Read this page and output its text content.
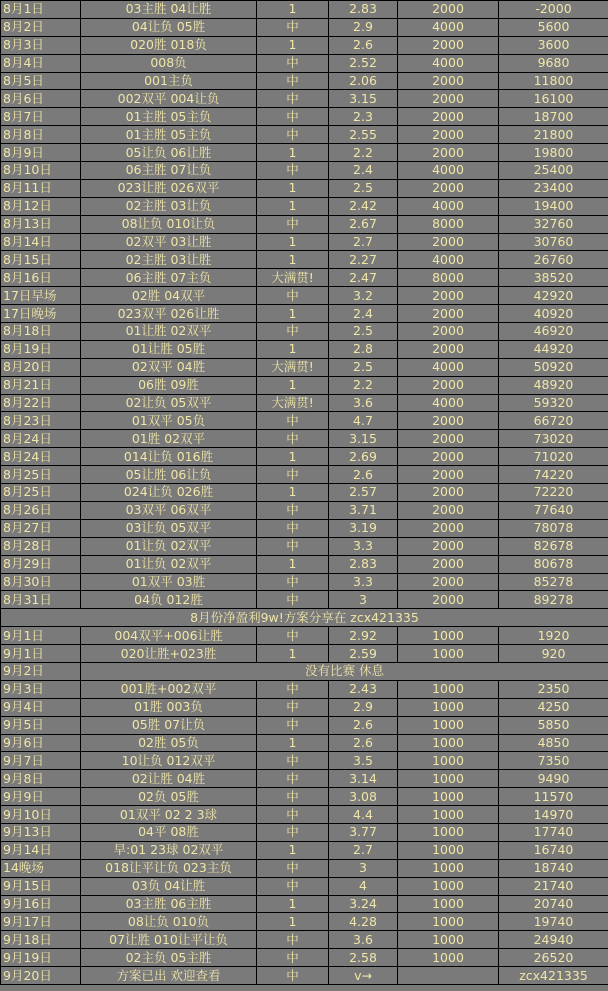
8月1日	03主胜 04让胜	1	2.83	2000	-2000
8月2日	04让负 05胜	中	2.9	4000	5600
8月3日	020胜 018负	1	2.6	2000	3600
8月4日	008负	中	2.52	4000	9680
8月5日	001主负	中	2.06	2000	11800
8月6日	002双平 004让负	中	3.15	2000	16100
8月7日	01主胜 05主负	中	2.3	2000	18700
8月8日	01主胜 05主负	中	2.55	2000	21800
8月9日	05让负 06让胜	1	2.2	2000	19800
8月10日	06主胜 07让负	中	2.4	4000	25400
8月11日	023让胜 026双平	1	2.5	2000	23400
8月12日	02主胜 03让负	1	2.42	4000	19400
8月13日	08让负 010让负	中	2.67	8000	32760
8月14日	02双平 03让胜	1	2.7	2000	30760
8月15日	02主胜 03让胜	1	2.27	4000	26760
8月16日	06主胜 07主负	大满贯!	2.47	8000	38520
17日早场	02胜 04双平	中	3.2	2000	42920
17日晚场	023双平 026让胜	1	2.4	2000	40920
8月18日	01让胜 02双平	中	2.5	2000	46920
8月19日	01让胜 05胜	1	2.8	2000	44920
8月20日	02双平 04胜	大满贯!	2.5	4000	50920
8月21日	06胜 09胜	1	2.2	2000	48920
8月22日	02让负 05双平	大满贯!	3.6	4000	59320
8月23日	01双平 05负	中	4.7	2000	66720
8月24日	01胜 02双平	中	3.15	2000	73020
8月24日	014让负 016胜	1	2.69	2000	71020
8月25日	05让胜 06让负	中	2.6	2000	74220
8月25日	024让负 026胜	1	2.57	2000	72220
8月26日	03双平 06双平	中	3.71	2000	77640
8月27日	03让负 05双平	中	3.19	2000	78078
8月28日	01让负 02双平	中	3.3	2000	82678
8月29日	01让负 02双平	1	2.83	2000	80678
8月30日	01双平 03胜	中	3.3	2000	85278
8月31日	04负 012胜	中	3	2000	89278
8月份净盈利9w!方案分享在 zcx421335					
9月1日	004双平+006让胜	中	2.92	1000	1920
9月1日	020让胜+023胜	1	2.59	1000	920
9月2日	没有比赛 休息				
9月3日	001胜+002双平	中	2.43	1000	2350
9月4日	01胜 003负	中	2.9	1000	4250
9月5日	05胜 07让负	中	2.6	1000	5850
9月6日	02胜 05负	1	2.6	1000	4850
9月7日	10让负 012双平	中	3.5	1000	7350
9月8日	02让胜 04胜	中	3.14	1000	9490
9月9日	02负 05胜	中	3.08	1000	11570
9月10日	01双平 02 2 3球	中	4.4	1000	14970
9月13日	04平 08胜	中	3.77	1000	17740
9月14日	早:01 23球 02双平	1	2.7	1000	16740
14晚场	018让平让负 023主负	中	3	1000	18740
9月15日	03负 04让胜	中	4	1000	21740
9月16日	03主胜 06主胜	1	3.24	1000	20740
9月17日	08让负 010负	1	4.28	1000	19740
9月18日	07让胜 010让平让负	中	3.6	1000	24940
9月19日	02主负 05主胜	中	2.58	1000	26520
9月20日	方案已出 欢迎查看	中	v→		zcx421335
